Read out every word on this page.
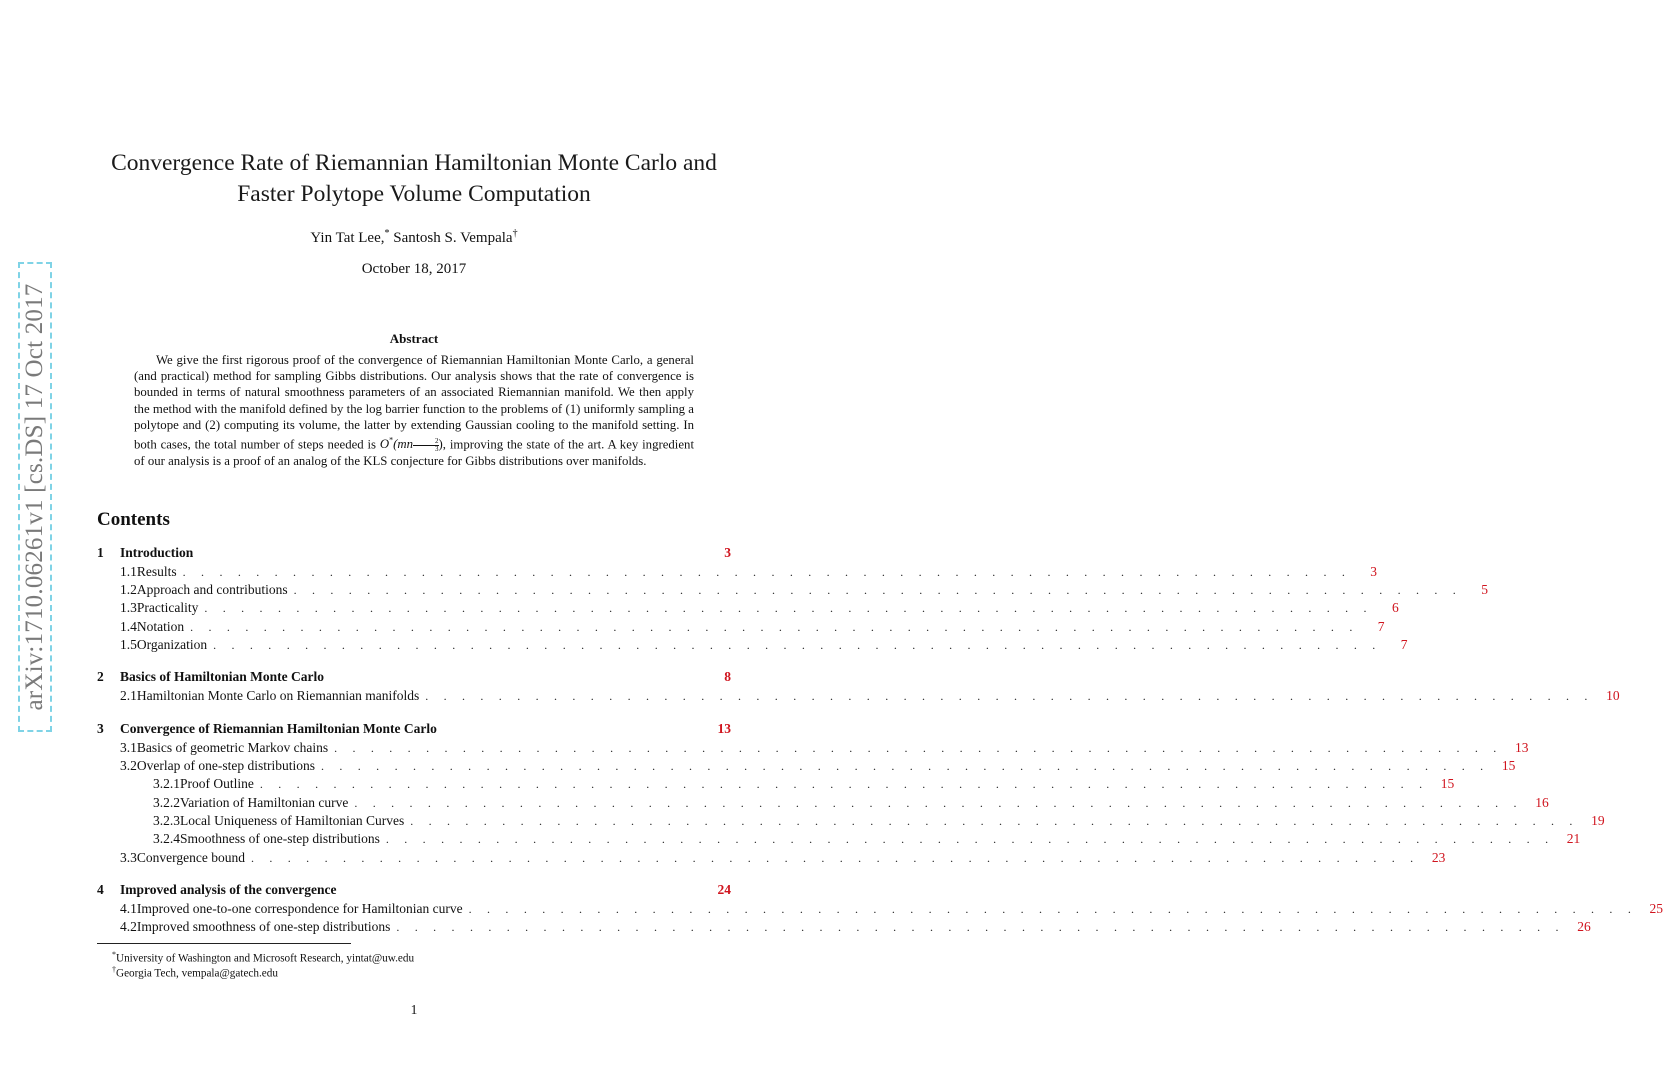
arXiv:1710.06261v1 [cs.DS] 17 Oct 2017
Convergence Rate of Riemannian Hamiltonian Monte Carlo and
Faster Polytope Volume Computation
Yin Tat Lee,* Santosh S. Vempala†
October 18, 2017
Abstract
We give the first rigorous proof of the convergence of Riemannian Hamiltonian Monte Carlo, a general (and practical) method for sampling Gibbs distributions. Our analysis shows that the rate of convergence is bounded in terms of natural smoothness parameters of an associated Riemannian manifold. We then apply the method with the manifold defined by the log barrier function to the problems of (1) uniformly sampling a polytope and (2) computing its volume, the latter by extending Gaussian cooling to the manifold setting. In both cases, the total number of steps needed is O*(mn $^{\frac{2}{3}}$ ), improving the state of the art. A key ingredient of our analysis is a proof of an analog of the KLS conjecture for Gibbs distributions over manifolds.
Contents
1	Introduction	3
1.1 Results . . . . . . . . . . . . . . . . . . . . . . . . . . . . . . . . . . . . . . . . . . . . . . . . . . . . . . . . . . . . . . . .	3
1.2 Approach and contributions . . . . . . . . . . . . . . . . . . . . . . . . . . . . . . . . . . . . . . . . . . . . . . . . . . . . . . . . . . . . . . . .	5
1.3 Practicality . . . . . . . . . . . . . . . . . . . . . . . . . . . . . . . . . . . . . . . . . . . . . . . . . . . . . . . . . . . . . . . .	6
1.4 Notation . . . . . . . . . . . . . . . . . . . . . . . . . . . . . . . . . . . . . . . . . . . . . . . . . . . . . . . . . . . . . . . .	7
1.5 Organization . . . . . . . . . . . . . . . . . . . . . . . . . . . . . . . . . . . . . . . . . . . . . . . . . . . . . . . . . . . . . . . .	7
2	Basics of Hamiltonian Monte Carlo	8
2.1 Hamiltonian Monte Carlo on Riemannian manifolds . . . . . . . . . . . . . . . . . . . . . . . . . . . . . . . . . . . . . . . . . . . . . . . . . . . . . . . . . . . . . . . . 10
3	Convergence of Riemannian Hamiltonian Monte Carlo	13
3.1 Basics of geometric Markov chains . . . . . . . . . . . . . . . . . . . . . . . . . . . . . . . . . . . . . . . . . . . . . . . . . . . . . . . . . . . . . . . . 13
3.2 Overlap of one-step distributions . . . . . . . . . . . . . . . . . . . . . . . . . . . . . . . . . . . . . . . . . . . . . . . . . . . . . . . . . . . . . . . . 15
3.2.1 Proof Outline . . . . . . . . . . . . . . . . . . . . . . . . . . . . . . . . . . . . . . . . . . . . . . . . . . . . . . . . . . . . . . . . 15
3.2.2 Variation of Hamiltonian curve . . . . . . . . . . . . . . . . . . . . . . . . . . . . . . . . . . . . . . . . . . . . . . . . . . . . . . . . . . . . . . . . 16
3.2.3 Local Uniqueness of Hamiltonian Curves . . . . . . . . . . . . . . . . . . . . . . . . . . . . . . . . . . . . . . . . . . . . . . . . . . . . . . . . . . . . . . . . 19
3.2.4 Smoothness of one-step distributions . . . . . . . . . . . . . . . . . . . . . . . . . . . . . . . . . . . . . . . . . . . . . . . . . . . . . . . . . . . . . . . . 21
3.3 Convergence bound . . . . . . . . . . . . . . . . . . . . . . . . . . . . . . . . . . . . . . . . . . . . . . . . . . . . . . . . . . . . . . . . 23
4	Improved analysis of the convergence	24
4.1 Improved one-to-one correspondence for Hamiltonian curve . . . . . . . . . . . . . . . . . . . . . . . . . . . . . . . . . . . . . . . . . . . . . . . . . . . . . . . . . . . . . . . . 25
4.2 Improved smoothness of one-step distributions . . . . . . . . . . . . . . . . . . . . . . . . . . . . . . . . . . . . . . . . . . . . . . . . . . . . . . . . . . . . . . . . 26
*University of Washington and Microsoft Research, yintat@uw.edu
†Georgia Tech, vempala@gatech.edu
1
